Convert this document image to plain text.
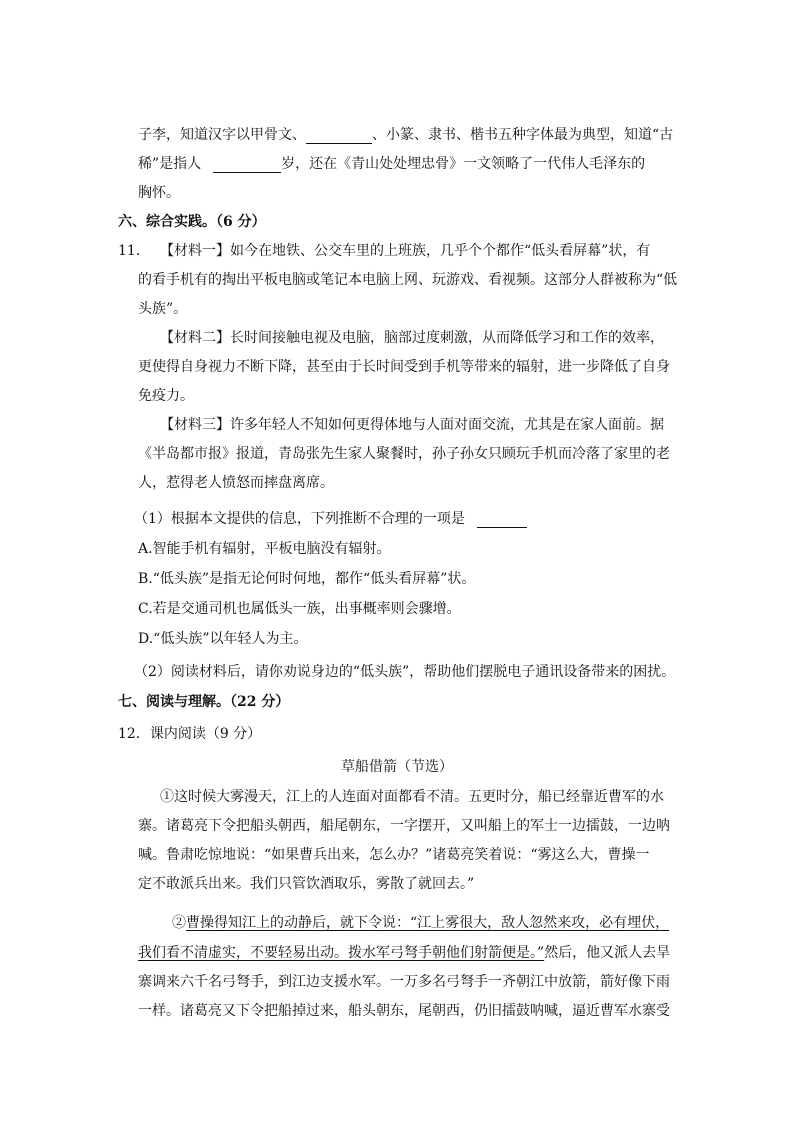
子李，知道汉字以甲骨文、	、小篆、隶书、楷书五种字体最为典型，知道“古
稀”是指人	岁，还在《青山处处埋忠骨》一文领略了一代伟人毛泽东的
胸怀。
六、综合实践。（6 分）
11． 【材料一】如今在地铁、公交车里的上班族，几乎个个都作“低头看屏幕”状，有
的看手机有的掏出平板电脑或笔记本电脑上网、玩游戏、看视频。这部分人群被称为“低
头族”。
【材料二】长时间接触电视及电脑，脑部过度刺激，从而降低学习和工作的效率，
更使得自身视力不断下降，甚至由于长时间受到手机等带来的辐射，进一步降低了自身
免疫力。
【材料三】许多年轻人不知如何更得体地与人面对面交流，尤其是在家人面前。据
《半岛都市报》报道，青岛张先生家人聚餐时，孙子孙女只顾玩手机而冷落了家里的老
人，惹得老人愤怒而摔盘离席。
（1）根据本文提供的信息，下列推断不合理的一项是
A.智能手机有辐射，平板电脑没有辐射。
B.“低头族”是指无论何时何地，都作“低头看屏幕”状。
C.若是交通司机也属低头一族，出事概率则会骤增。
D.“低头族”以年轻人为主。
（2）阅读材料后，请你劝说身边的“低头族”，帮助他们摆脱电子通讯设备带来的困扰。
七、阅读与理解。（22 分）
12．课内阅读（9 分）
草船借箭（节选）
①这时候大雾漫天，江上的人连面对面都看不清。五更时分，船已经靠近曹军的水
寨。诸葛亮下令把船头朝西，船尾朝东，一字摆开，又叫船上的军士一边擂鼓，一边呐
喊。鲁肃吃惊地说：“如果曹兵出来，怎么办？”诸葛亮笑着说：“雾这么大，曹操一
定不敢派兵出来。我们只管饮酒取乐，雾散了就回去。”
②曹操得知江上的动静后，就下令说：“江上雾很大，敌人忽然来攻，必有埋伏，
我们看不清虚实，不要轻易出动。拨水军弓弩手朝他们射箭便是。”然后，他又派人去旱
寨调来六千名弓弩手，到江边支援水军。一万多名弓弩手一齐朝江中放箭，箭好像下雨
一样。诸葛亮又下令把船掉过来，船头朝东，尾朝西，仍旧擂鼓呐喊，逼近曹军水寨受
